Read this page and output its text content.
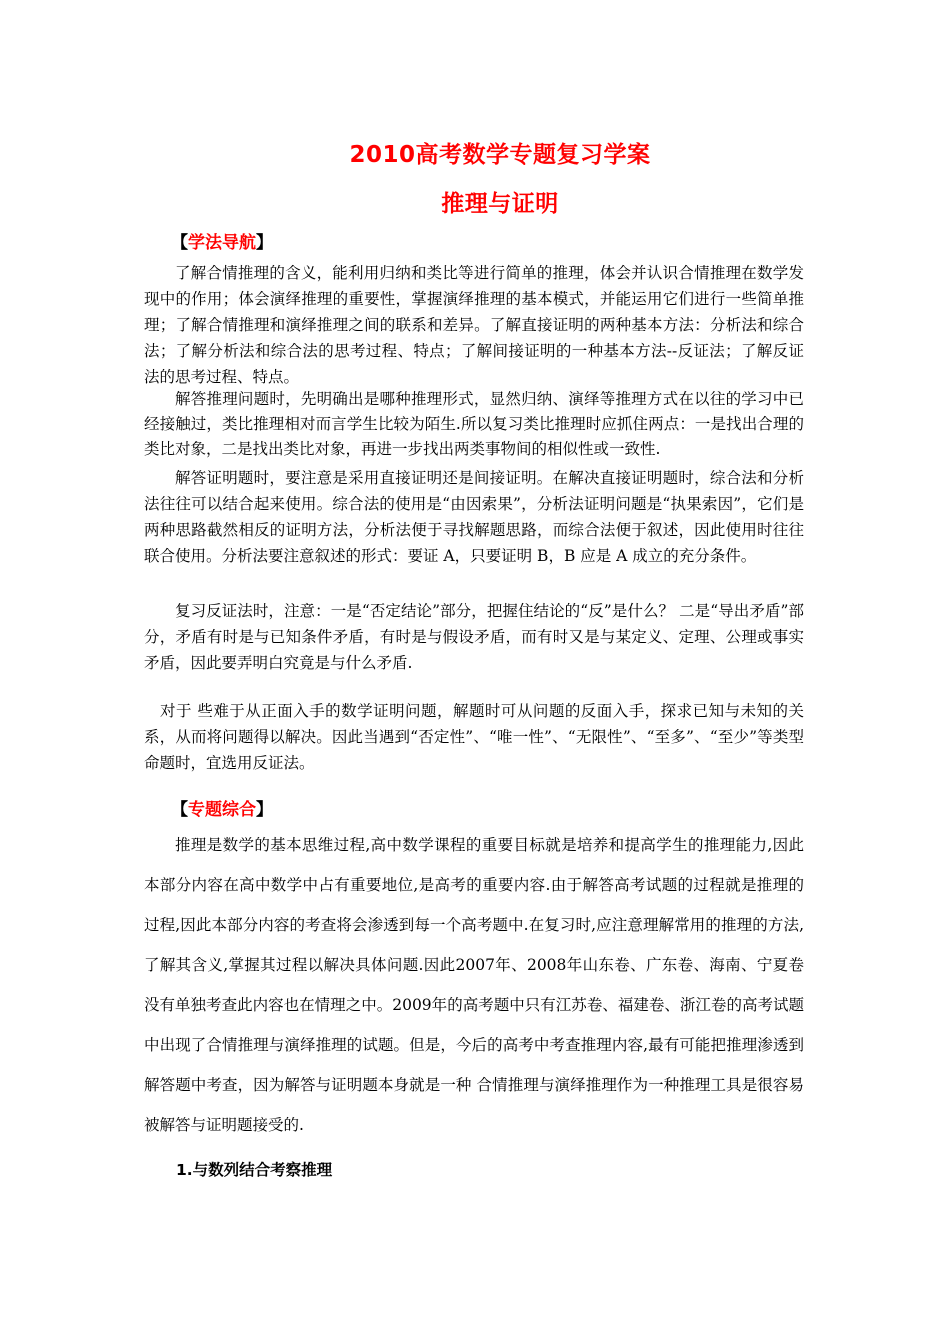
2010高考数学专题复习学案
推理与证明
【学法导航】

了解合情推理的含义，能利用归纳和类比等进行简单的推理，体会并认识合情推理在数学发现中的作用；体会演绎推理的重要性，掌握演绎推理的基本模式，并能运用它们进行一些简单推理；了解合情推理和演绎推理之间的联系和差异。了解直接证明的两种基本方法：分析法和综合法；了解分析法和综合法的思考过程、特点；了解间接证明的一种基本方法--反证法；了解反证法的思考过程、特点。

解答推理问题时，先明确出是哪种推理形式，显然归纳、演绎等推理方式在以往的学习中已经接触过，类比推理相对而言学生比较为陌生.所以复习类比推理时应抓住两点：一是找出合理的类比对象，二是找出类比对象，再进一步找出两类事物间的相似性或一致性.

解答证明题时，要注意是采用直接证明还是间接证明。在解决直接证明题时，综合法和分析法往往可以结合起来使用。综合法的使用是“由因索果”，分析法证明问题是“执果索因”，它们是两种思路截然相反的证明方法，分析法便于寻找解题思路，而综合法便于叙述，因此使用时往往联合使用。分析法要注意叙述的形式：要证 A，只要证明 B，B 应是 A 成立的充分条件。

复习反证法时，注意：一是“否定结论”部分，把握住结论的“反”是什么？ 二是“导出矛盾”部分，矛盾有时是与已知条件矛盾，有时是与假设矛盾，而有时又是与某定义、定理、公理或事实矛盾，因此要弄明白究竟是与什么矛盾.

对于 些难于从正面入手的数学证明问题，解题时可从问题的反面入手，探求已知与未知的关系，从而将问题得以解决。因此当遇到“否定性”、“唯一性”、“无限性”、“至多”、“至少”等类型命题时，宜选用反证法。

【专题综合】

推理是数学的基本思维过程,高中数学课程的重要目标就是培养和提高学生的推理能力,因此本部分内容在高中数学中占有重要地位,是高考的重要内容.由于解答高考试题的过程就是推理的过程,因此本部分内容的考查将会渗透到每一个高考题中.在复习时,应注意理解常用的推理的方法,了解其含义,掌握其过程以解决具体问题.因此2007年、2008年山东卷、广东卷、海南、宁夏卷没有单独考查此内容也在情理之中。2009年的高考题中只有江苏卷、福建卷、浙江卷的高考试题中出现了合情推理与演绎推理的试题。但是，今后的高考中考查推理内容,最有可能把推理渗透到解答题中考查，因为解答与证明题本身就是一种 合情推理与演绎推理作为一种推理工具是很容易被解答与证明题接受的.

1.与数列结合考察推理
